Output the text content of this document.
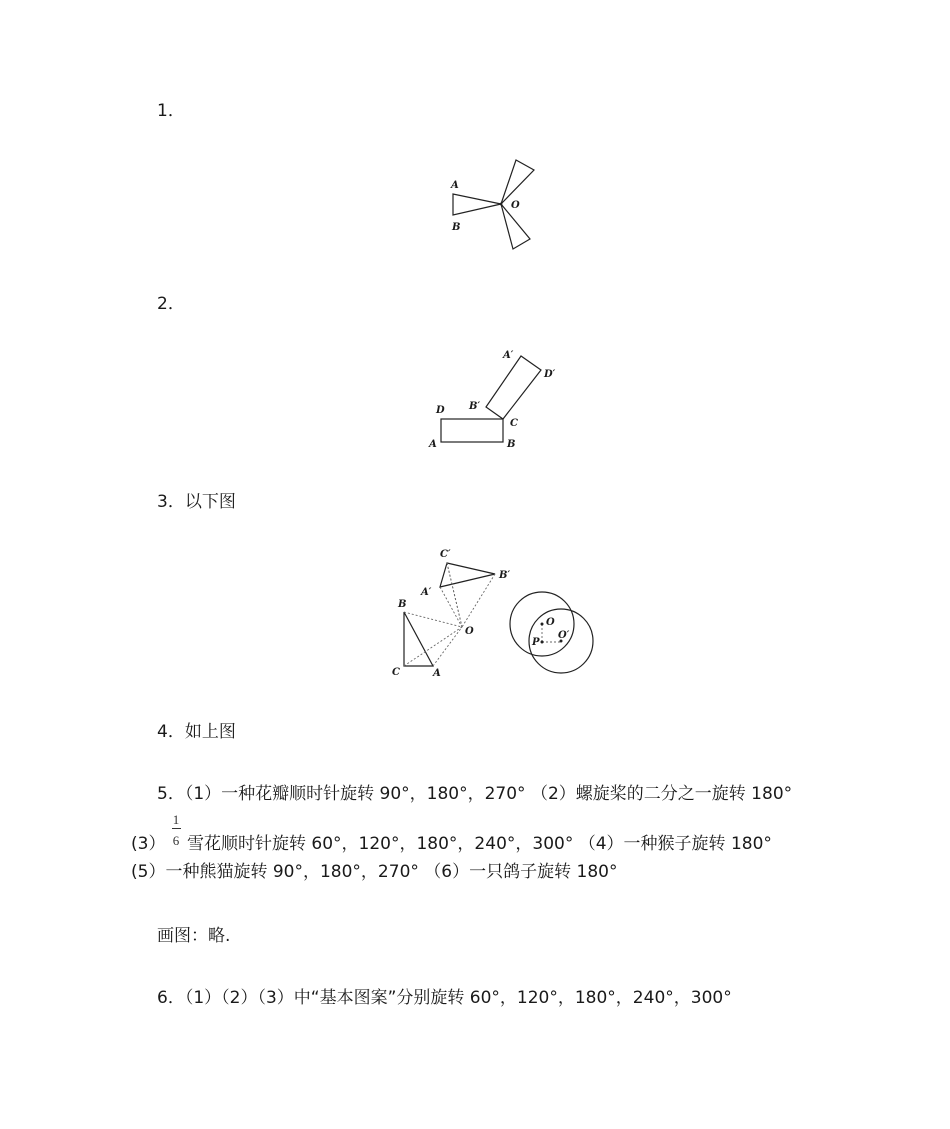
1．
A
B
O
2．
A′
D′
B′
D
C
A	B
3．以下图
C′
B′
A′
B
O
C	A
O
P
O′
4．如上图
5．（1）一种花瓣顺时针旋转 90°，180°，270° （2）螺旋桨的二分之一旋转 180°
(3）
1
6 雪花顺时针旋转 60°，120°，180°，240°，300° （4）一种猴子旋转 180°
(5）一种熊猫旋转 90°，180°，270° （6）一只鸽子旋转 180°
画图：略.
6．（1）（2）（3）中“基本图案”分别旋转 60°，120°，180°，240°，300°
